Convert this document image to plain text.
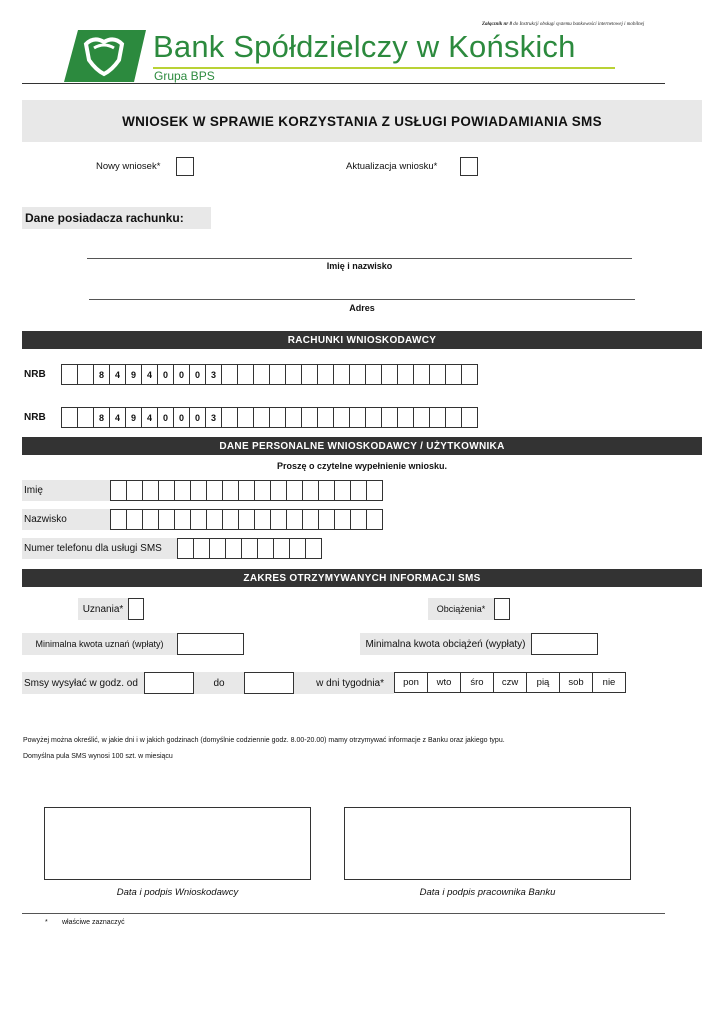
Załącznik nr 8 do Instrukcji obsługi systemu bankowości internetowej i mobilnej
Bank Spółdzielczy w Końskich
Grupa BPS
WNIOSEK W SPRAWIE KORZYSTANIA Z USŁUGI POWIADAMIANIA SMS
Nowy wniosek*	Aktualizacja wniosku*
Dane posiadacza rachunku:
Imię i nazwisko
Adres
RACHUNKI WNIOSKODAWCY
NRB	8	4	9	4	0	0	0	3
NRB	8	4	9	4	0	0	0	3
DANE PERSONALNE WNIOSKODAWCY / UŻYTKOWNIKA
Proszę o czytelne wypełnienie wniosku.
Imię
Nazwisko
Numer telefonu dla usługi SMS
ZAKRES OTRZYMYWANYCH INFORMACJI SMS
Uznania*	Obciążenia*
Minimalna kwota uznań (wpłaty)	Minimalna kwota obciążeń (wypłaty)
Smsy wysyłać w godz. od	do	w dni tygodnia*	pon	wto	śro	czw	pią	sob	nie
Powyżej można określić, w jakie dni i w jakich godzinach (domyślnie codziennie godz. 8.00-20.00) mamy otrzymywać informacje z Banku oraz jakiego typu.
Domyślna pula SMS wynosi 100 szt. w miesiącu
Data i podpis Wnioskodawcy	Data i podpis pracownika Banku
* właściwe zaznaczyć
